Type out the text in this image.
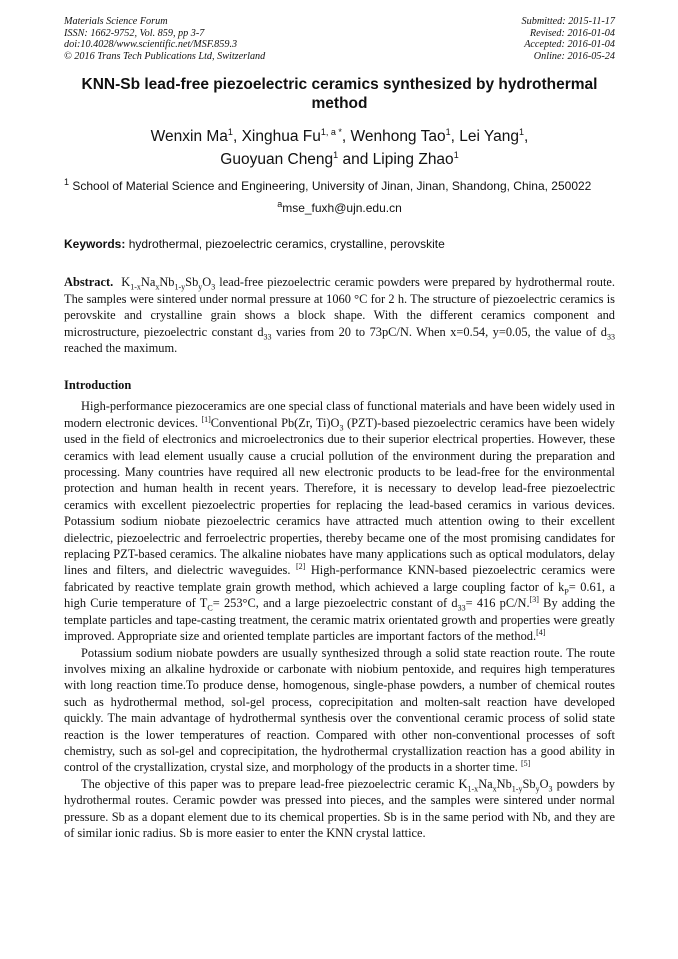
Materials Science Forum
ISSN: 1662-9752, Vol. 859, pp 3-7
doi:10.4028/www.scientific.net/MSF.859.3
© 2016 Trans Tech Publications Ltd, Switzerland
Submitted: 2015-11-17
Revised: 2016-01-04
Accepted: 2016-01-04
Online: 2016-05-24
KNN-Sb lead-free piezoelectric ceramics synthesized by hydrothermal method
Wenxin Ma$^1$, Xinghua $Fu^{1, a *}$, Wenhong Tao$^1$, Lei Yang$^1$,
Guoyuan Cheng$^1$ and Liping Zhao$^1$
$^1$ School of Material Science and Engineering, University of Jinan, Jinan, Shandong, China, 250022
$^a$mse_fuxh@ujn.edu.cn
Keywords: hydrothermal, piezoelectric ceramics, crystalline, perovskite
Abstract. $K_{1-x}Na_xNb_{1-y}Sb_yO_3$ lead-free piezoelectric ceramic powders were prepared by hydrothermal route. The samples were sintered under normal pressure at 1060 °C for 2 h. The structure of piezoelectric ceramics is perovskite and crystalline grain shows a block shape. With the different ceramics component and microstructure, piezoelectric constant $d_{33}$ varies from 20 to 73pC/N. When x=0.54, y=0.05, the value of $d_{33}$ reached the maximum.
Introduction
High-performance piezoceramics are one special class of functional materials and have been widely used in modern electronic devices. [1]Conventional Pb(Zr, $Ti)O_3$ (PZT)-based piezoelectric ceramics have been widely used in the field of electronics and microelectronics due to their superior electrical properties. However, these ceramics with lead element usually cause a crucial pollution of the environment during the preparation and processing. Many countries have required all new electronic products to be lead-free for the environmental protection and human health in recent years. Therefore, it is necessary to develop lead-free piezoelectric ceramics with excellent piezoelectric properties for replacing the lead-based ceramics in various devices. Potassium sodium niobate piezoelectric ceramics have attracted much attention owing to their excellent dielectric, piezoelectric and ferroelectric properties, thereby became one of the most promising candidates for replacing PZT-based ceramics. The alkaline niobates have many applications such as optical modulators, delay lines and filters, and dielectric waveguides. [2] High-performance KNN-based piezoelectric ceramics were fabricated by reactive template grain growth method, which achieved a large coupling factor of $k_P= 0.61$, a high Curie temperature of $T_C= 253^\circ C$, and a large piezoelectric constant of $d_{33}= 416$ pC/N.[3] By adding the template particles and tape-casting treatment, the ceramic matrix orientated growth and properties were greatly improved. Appropriate size and oriented template particles are important factors of the method.[4]
Potassium sodium niobate powders are usually synthesized through a solid state reaction route. The route involves mixing an alkaline hydroxide or carbonate with niobium pentoxide, and requires high temperatures with long reaction time.To produce dense, homogenous, single-phase powders, a number of chemical routes such as hydrothermal method, sol-gel process, coprecipitation and molten-salt reaction have developed quickly. The main advantage of hydrothermal synthesis over the conventional ceramic process of solid state reaction is the lower temperatures of reaction. Compared with other non-conventional processes of soft chemistry, such as sol-gel and coprecipitation, the hydrothermal crystallization reaction has a good ability in control of the crystallization, crystal size, and morphology of the products in a shorter time. [5]
The objective of this paper was to prepare lead-free piezoelectric ceramic $K_{1-x}Na_xNb_{1-y}Sb_yO_3$ powders by hydrothermal routes. Ceramic powder was pressed into pieces, and the samples were sintered under normal pressure. Sb as a dopant element due to its chemical properties. Sb is in the same period with Nb, and they are of similar ionic radius. Sb is more easier to enter the KNN crystal lattice.
